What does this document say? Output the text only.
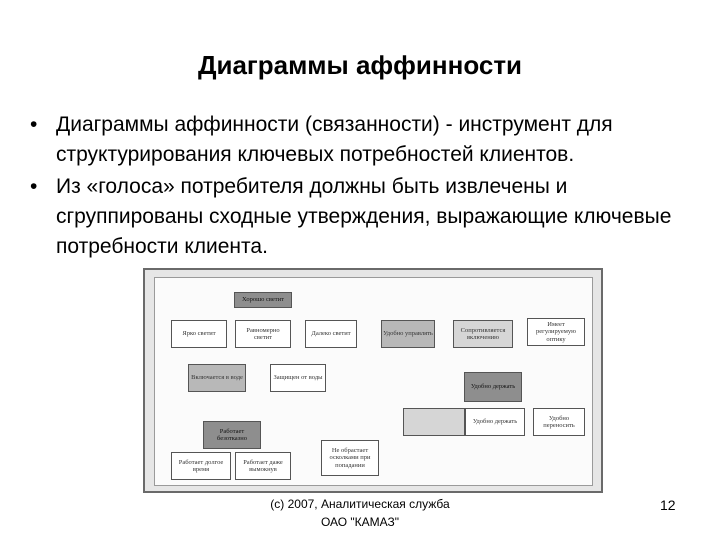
Диаграммы аффинности
• Диаграммы аффинности (связанности) - инструмент для структурирования ключевых потребностей клиентов.
• Из «голоса» потребителя должны быть извлечены и сгруппированы сходные утверждения, выражающие ключевые потребности клиента.
Хорошо светит
Ярко светит
Равномерно светит
Далеко светит	Удобно управлять
Сопротивляется включению
Имеет регулируемую оптику
Включается в воде	Защищен от воды
Удобно держать
Удобно держать
Удобно переносить
Работает безотказно
Не обрастает осколками при попадании
Работает долгое время
Работает даже вымокнув
(c) 2007, Аналитическая служба
ОАО "КАМАЗ"
12
